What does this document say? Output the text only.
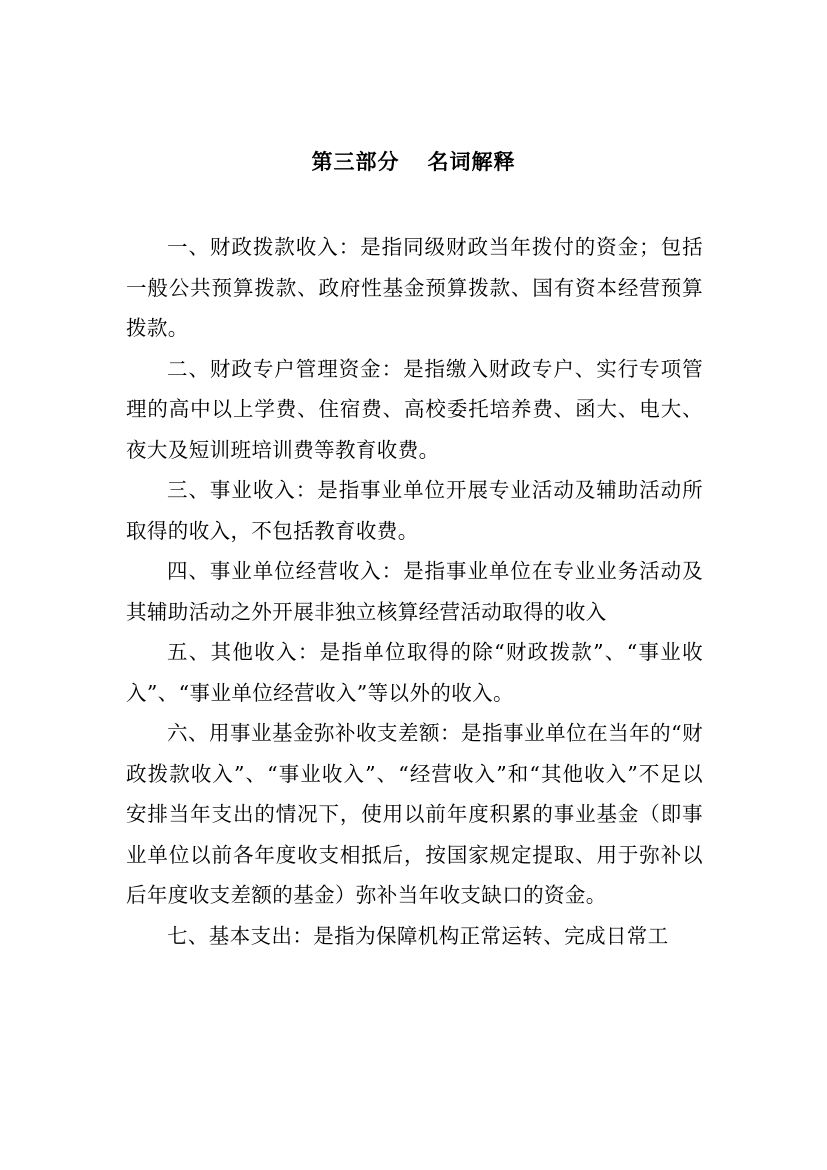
第三部分 名词解释

一、财政拨款收入：是指同级财政当年拨付的资金；包括一般公共预算拨款、政府性基金预算拨款、国有资本经营预算拨款。

二、财政专户管理资金：是指缴入财政专户、实行专项管理的高中以上学费、住宿费、高校委托培养费、函大、电大、夜大及短训班培训费等教育收费。

三、事业收入：是指事业单位开展专业活动及辅助活动所取得的收入，不包括教育收费。

四、事业单位经营收入：是指事业单位在专业业务活动及其辅助活动之外开展非独立核算经营活动取得的收入

五、其他收入：是指单位取得的除“财政拨款”、“事业收入”、“事业单位经营收入”等以外的收入。

六、用事业基金弥补收支差额：是指事业单位在当年的“财政拨款收入”、“事业收入”、“经营收入”和“其他收入”不足以安排当年支出的情况下，使用以前年度积累的事业基金（即事业单位以前各年度收支相抵后，按国家规定提取、用于弥补以后年度收支差额的基金）弥补当年收支缺口的资金。

七、基本支出：是指为保障机构正常运转、完成日常工
